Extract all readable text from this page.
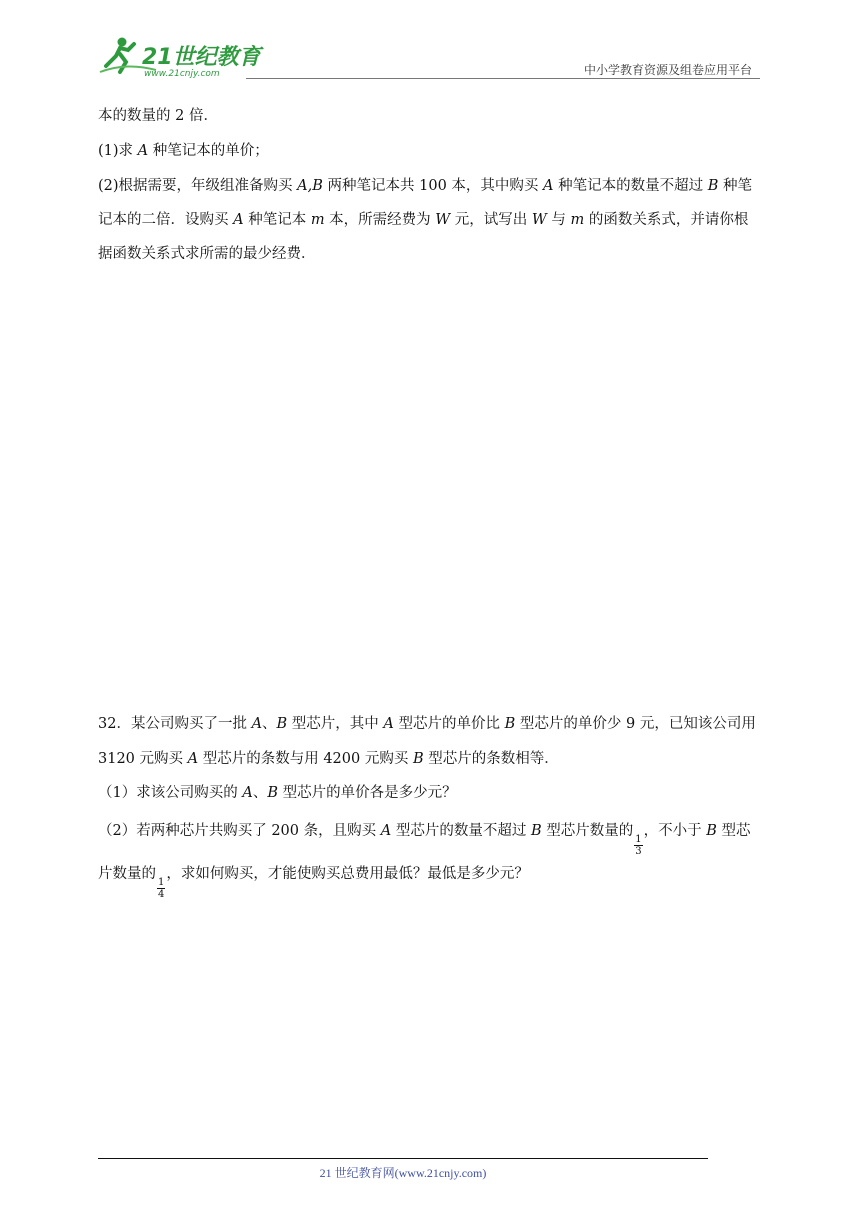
21世纪教育
www.21cnjy.com	中小学教育资源及组卷应用平台
本的数量的 2 倍．
(1)求 A 种笔记本的单价；
(2)根据需要，年级组准备购买 A,B 两种笔记本共 100 本，其中购买 A 种笔记本的数量不超过 B 种笔
记本的二倍．设购买 A 种笔记本 m 本，所需经费为 W 元，试写出 W 与 m 的函数关系式，并请你根
据函数关系式求所需的最少经费．
32．某公司购买了一批 A、B 型芯片，其中 A 型芯片的单价比 B 型芯片的单价少 9 元，已知该公司用
3120 元购买 A 型芯片的条数与用 4200 元购买 B 型芯片的条数相等．
（1）求该公司购买的 A、B 型芯片的单价各是多少元？
（2）若两种芯片共购买了 200 条，且购买 A 型芯片的数量不超过 B 型芯片数量的
$\frac{1}{3}$
，不小于 B 型芯
片数量的
$\frac{1}{4}$
，求如何购买，才能使购买总费用最低？最低是多少元？
21 世纪教育网(www.21cnjy.com)
